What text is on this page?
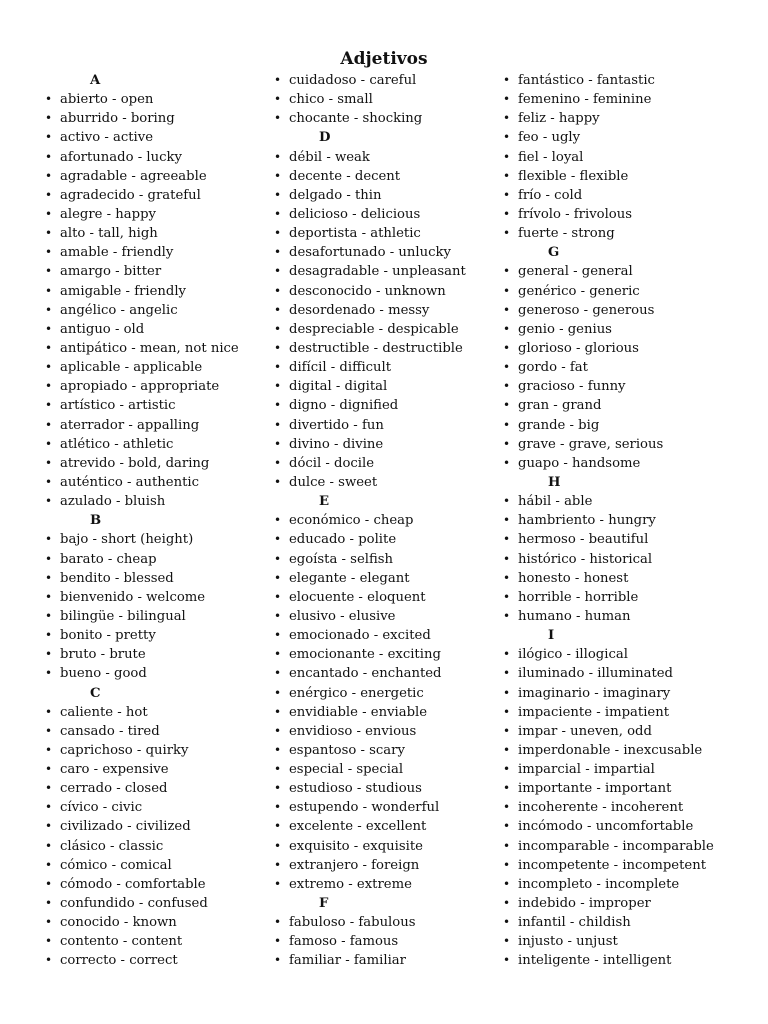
Adjetivos
A
• abierto - open
• aburrido - boring
• activo - active
• afortunado - lucky
• agradable - agreeable
• agradecido - grateful
• alegre - happy
• alto - tall, high
• amable - friendly
• amargo - bitter
• amigable - friendly
• angélico - angelic
• antiguo - old
• antipático - mean, not nice
• aplicable - applicable
• apropiado - appropriate
• artístico - artistic
• aterrador - appalling
• atlético - athletic
• atrevido - bold, daring
• auténtico - authentic
• azulado - bluish
B
• bajo - short (height)
• barato - cheap
• bendito - blessed
• bienvenido - welcome
• bilingüe - bilingual
• bonito - pretty
• bruto - brute
• bueno - good
C
• caliente - hot
• cansado - tired
• caprichoso - quirky
• caro - expensive
• cerrado - closed
• cívico - civic
• civilizado - civilized
• clásico - classic
• cómico - comical
• cómodo - comfortable
• confundido - confused
• conocido - known
• contento - content
• correcto - correct
• cuidadoso - careful
• chico - small
• chocante - shocking
D
• débil - weak
• decente - decent
• delgado - thin
• delicioso - delicious
• deportista - athletic
• desafortunado - unlucky
• desagradable - unpleasant
• desconocido - unknown
• desordenado - messy
• despreciable - despicable
• destructible - destructible
• difícil - difficult
• digital - digital
• digno - dignified
• divertido - fun
• divino - divine
• dócil - docile
• dulce - sweet
E
• económico - cheap
• educado - polite
• egoísta - selfish
• elegante - elegant
• elocuente - eloquent
• elusivo - elusive
• emocionado - excited
• emocionante - exciting
• encantado - enchanted
• enérgico - energetic
• envidiable - enviable
• envidioso - envious
• espantoso - scary
• especial - special
• estudioso - studious
• estupendo - wonderful
• excelente - excellent
• exquisito - exquisite
• extranjero - foreign
• extremo - extreme
F
• fabuloso - fabulous
• famoso - famous
• familiar - familiar
• fantástico - fantastic
• femenino - feminine
• feliz - happy
• feo - ugly
• fiel - loyal
• flexible - flexible
• frío - cold
• frívolo - frivolous
• fuerte - strong
G
• general - general
• genérico - generic
• generoso - generous
• genio - genius
• glorioso - glorious
• gordo - fat
• gracioso - funny
• gran - grand
• grande - big
• grave - grave, serious
• guapo - handsome
H
• hábil - able
• hambriento - hungry
• hermoso - beautiful
• histórico - historical
• honesto - honest
• horrible - horrible
• humano - human
I
• ilógico - illogical
• iluminado - illuminated
• imaginario - imaginary
• impaciente - impatient
• impar - uneven, odd
• imperdonable - inexcusable
• imparcial - impartial
• importante - important
• incoherente - incoherent
• incómodo - uncomfortable
• incomparable - incomparable
• incompetente - incompetent
• incompleto - incomplete
• indebido - improper
• infantil - childish
• injusto - unjust
• inteligente - intelligent
